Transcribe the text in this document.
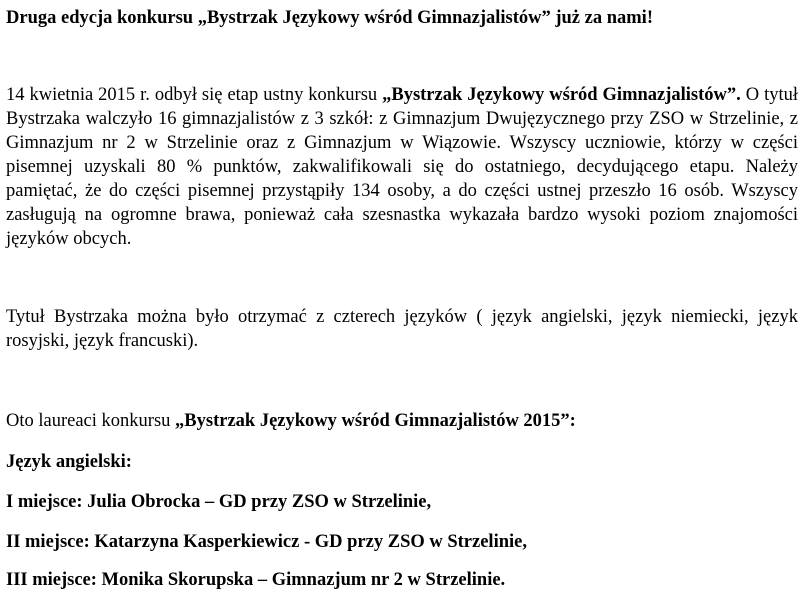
Druga edycja konkursu „Bystrzak Językowy wśród Gimnazjalistów” już za nami!

14 kwietnia 2015 r. odbył się etap ustny konkursu „Bystrzak Językowy wśród Gimnazjalistów”. O tytuł Bystrzaka walczyło 16 gimnazjalistów z 3 szkół: z Gimnazjum Dwujęzycznego przy ZSO w Strzelinie, z Gimnazjum nr 2 w Strzelinie oraz z Gimnazjum w Wiązowie. Wszyscy uczniowie, którzy w części pisemnej uzyskali 80 % punktów, zakwalifikowali się do ostatniego, decydującego etapu. Należy pamiętać, że do części pisemnej przystąpiły 134 osoby, a do części ustnej przeszło 16 osób. Wszyscy zasługują na ogromne brawa, ponieważ cała szesnastka wykazała bardzo wysoki poziom znajomości języków obcych.

Tytuł Bystrzaka można było otrzymać z czterech języków ( język angielski, język niemiecki, język rosyjski, język francuski).

Oto laureaci konkursu „Bystrzak Językowy wśród Gimnazjalistów 2015”:

Język angielski:

I miejsce: Julia Obrocka – GD przy ZSO w Strzelinie,

II miejsce: Katarzyna Kasperkiewicz - GD przy ZSO w Strzelinie,

III miejsce: Monika Skorupska – Gimnazjum nr 2 w Strzelinie.
